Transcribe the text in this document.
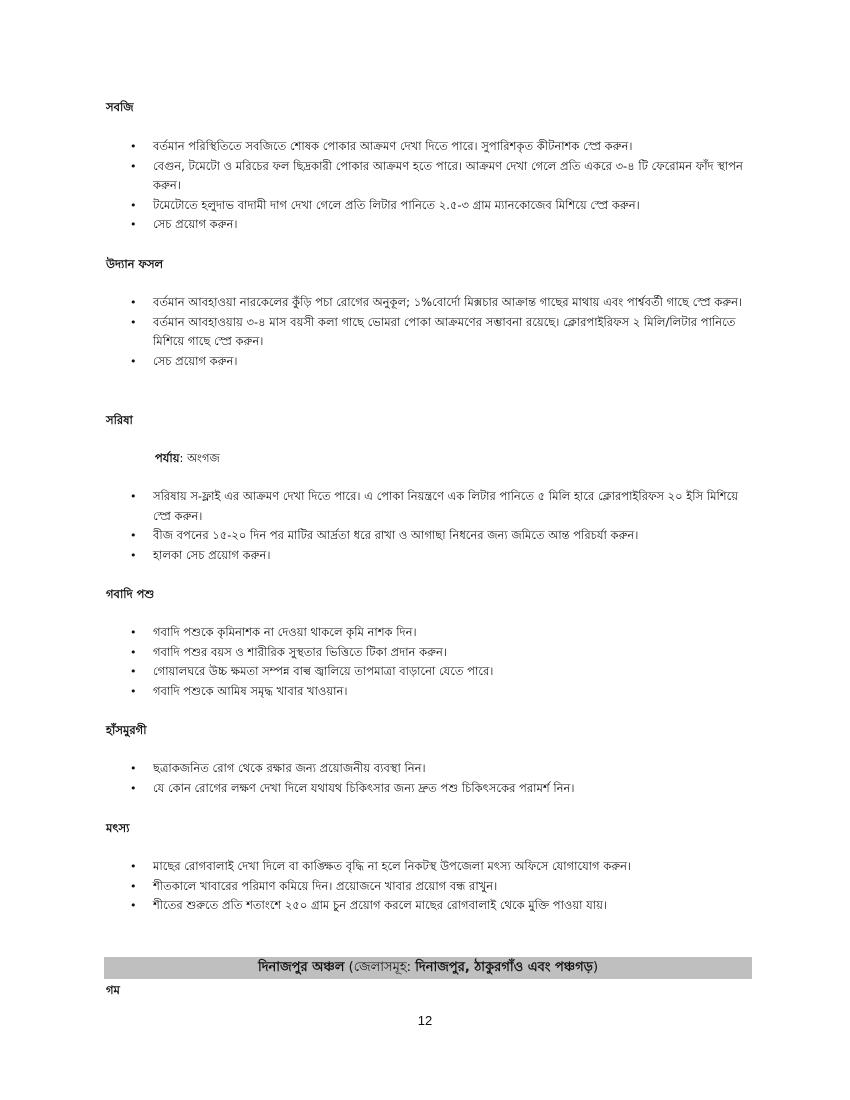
সবজি
• বর্তমান পরিস্থিতিতে সবজিতে শোষক পোকার আক্রমণ দেখা দিতে পারে। সুপারিশকৃত কীটনাশক স্প্রে করুন।
• বেগুন, টমেটো ও মরিচের ফল ছিদ্রকারী পোকার আক্রমণ হতে পারে। আক্রমণ দেখা গেলে প্রতি একরে ৩-৪ টি ফেরোমন ফাঁদ স্থাপন করুন।
• টমেটোতে হলুদাভ বাদামী দাগ দেখা গেলে প্রতি লিটার পানিতে ২.৫-৩ গ্রাম ম্যানকোজেব মিশিয়ে স্প্রে করুন।
• সেচ প্রয়োগ করুন।
উদ্যান ফসল
• বর্তমান আবহাওয়া নারকেলের কুঁড়ি পচা রোগের অনুকূল; ১%বোর্দো মিক্সচার আক্রান্ত গাছের মাথায় এবং পার্শ্ববর্তী গাছে স্প্রে করুন।
• বর্তমান আবহাওয়ায় ৩-৪ মাস বয়সী কলা গাছে ভোমরা পোকা আক্রমণের সম্ভাবনা রয়েছে। ক্লোরপাইরিফস ২ মিলি/লিটার পানিতে মিশিয়ে গাছে স্প্রে করুন।
• সেচ প্রয়োগ করুন।
সরিষা
পর্যায়: অংগজ
• সরিষায় স-ফ্লাই এর আক্রমণ দেখা দিতে পারে। এ পোকা নিয়ন্ত্রণে এক লিটার পানিতে ৫ মিলি হারে ক্লোরপাইরিফস ২০ ইসি মিশিয়ে স্প্রে করুন।
• বীজ বপনের ১৫-২০ দিন পর মাটির আর্দ্রতা ধরে রাখা ও আগাছা নিধনের জন্য জমিতে আন্ত পরিচর্যা করুন।
• হালকা সেচ প্রয়োগ করুন।
গবাদি পশু
• গবাদি পশুকে কৃমিনাশক না দেওয়া থাকলে কৃমি নাশক দিন।
• গবাদি পশুর বয়স ও শারীরিক সুস্থতার ভিত্তিতে টিকা প্রদান করুন।
• গোয়ালঘরে উচ্চ ক্ষমতা সম্পন্ন বাল্ব জ্বালিয়ে তাপমাত্রা বাড়ানো যেতে পারে।
• গবাদি পশুকে আমিষ সমৃদ্ধ খাবার খাওয়ান।
হাঁসমুরগী
• ছত্রাকজনিত রোগ থেকে রক্ষার জন্য প্রয়োজনীয় ব্যবস্থা নিন।
• যে কোন রোগের লক্ষণ দেখা দিলে যথাযথ চিকিৎসার জন্য দ্রুত পশু চিকিৎসকের পরামর্শ নিন।
মৎস্য
• মাছের রোগবালাই দেখা দিলে বা কাঙ্ক্ষিত বৃদ্ধি না হলে নিকটস্থ উপজেলা মৎস্য অফিসে যোগাযোগ করুন।
• শীতকালে খাবারের পরিমাণ কমিয়ে দিন। প্রয়োজনে খাবার প্রয়োগ বন্ধ রাখুন।
• শীতের শুরুতে প্রতি শতাংশে ২৫০ গ্রাম চুন প্রয়োগ করলে মাছের রোগবালাই থেকে মুক্তি পাওয়া যায়।
দিনাজপুর অঞ্চল (জেলাসমূহ: দিনাজপুর, ঠাকুরগাঁও এবং পঞ্চগড়)
গম
12
